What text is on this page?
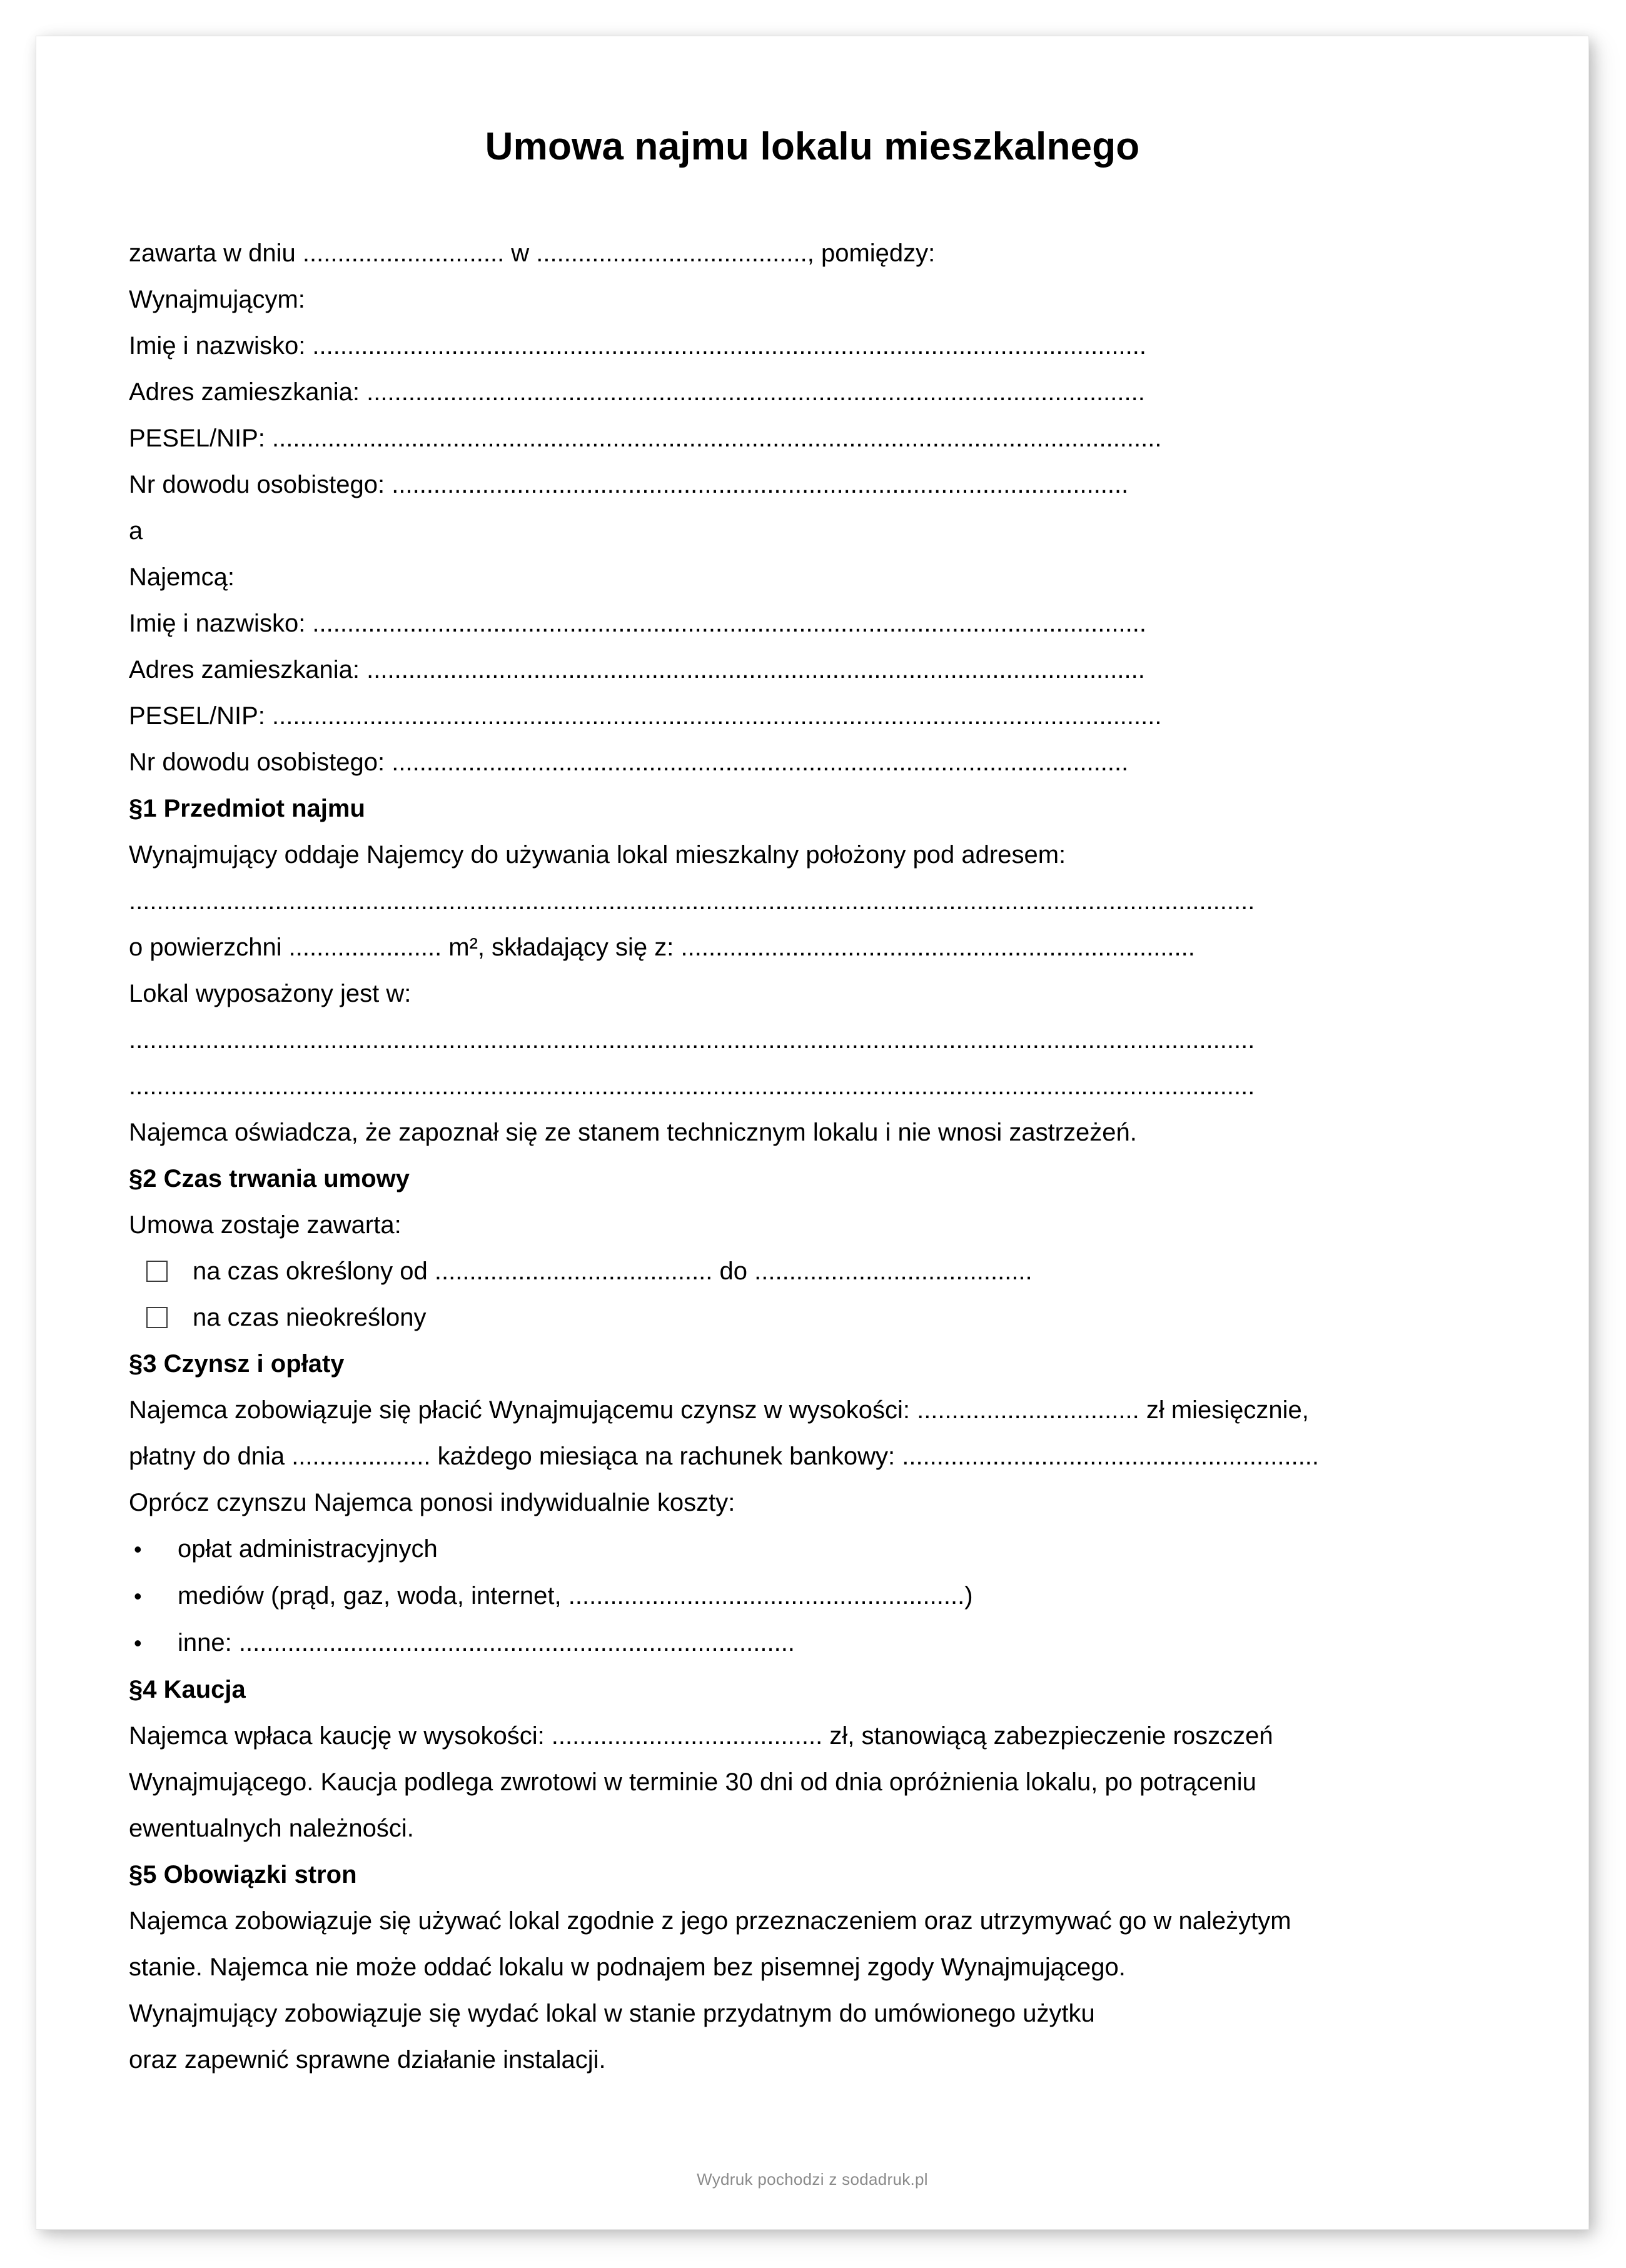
Umowa najmu lokalu mieszkalnego
zawarta w dniu ............................. w ......................................., pomiędzy:
Wynajmującym:
Imię i nazwisko: ........................................................................................................................
Adres zamieszkania: ................................................................................................................
PESEL/NIP: ................................................................................................................................
Nr dowodu osobistego: ..........................................................................................................
a
Najemcą:
Imię i nazwisko: ........................................................................................................................
Adres zamieszkania: ................................................................................................................
PESEL/NIP: ................................................................................................................................
Nr dowodu osobistego: ..........................................................................................................
§1 Przedmiot najmu
Wynajmujący oddaje Najemcy do używania lokal mieszkalny położony pod adresem:
..................................................................................................................................................................
o powierzchni ...................... m², składający się z: ..........................................................................
Lokal wyposażony jest w:
..................................................................................................................................................................
..................................................................................................................................................................
Najemca oświadcza, że zapoznał się ze stanem technicznym lokalu i nie wnosi zastrzeżeń.
§2 Czas trwania umowy
Umowa zostaje zawarta:
na czas określony od ........................................ do ........................................
na czas nieokreślony
§3 Czynsz i opłaty
Najemca zobowiązuje się płacić Wynajmującemu czynsz w wysokości: ................................ zł miesięcznie,
płatny do dnia .................... każdego miesiąca na rachunek bankowy: ............................................................
Oprócz czynszu Najemca ponosi indywidualnie koszty:
•	opłat administracyjnych
•	mediów (prąd, gaz, woda, internet, .........................................................)
•	inne: ................................................................................
§4 Kaucja
Najemca wpłaca kaucję w wysokości: ....................................... zł, stanowiącą zabezpieczenie roszczeń
Wynajmującego. Kaucja podlega zwrotowi w terminie 30 dni od dnia opróżnienia lokalu, po potrąceniu
ewentualnych należności.
§5 Obowiązki stron
Najemca zobowiązuje się używać lokal zgodnie z jego przeznaczeniem oraz utrzymywać go w należytym
stanie. Najemca nie może oddać lokalu w podnajem bez pisemnej zgody Wynajmującego.
Wynajmujący zobowiązuje się wydać lokal w stanie przydatnym do umówionego użytku
oraz zapewnić sprawne działanie instalacji.
Wydruk pochodzi z sodadruk.pl
